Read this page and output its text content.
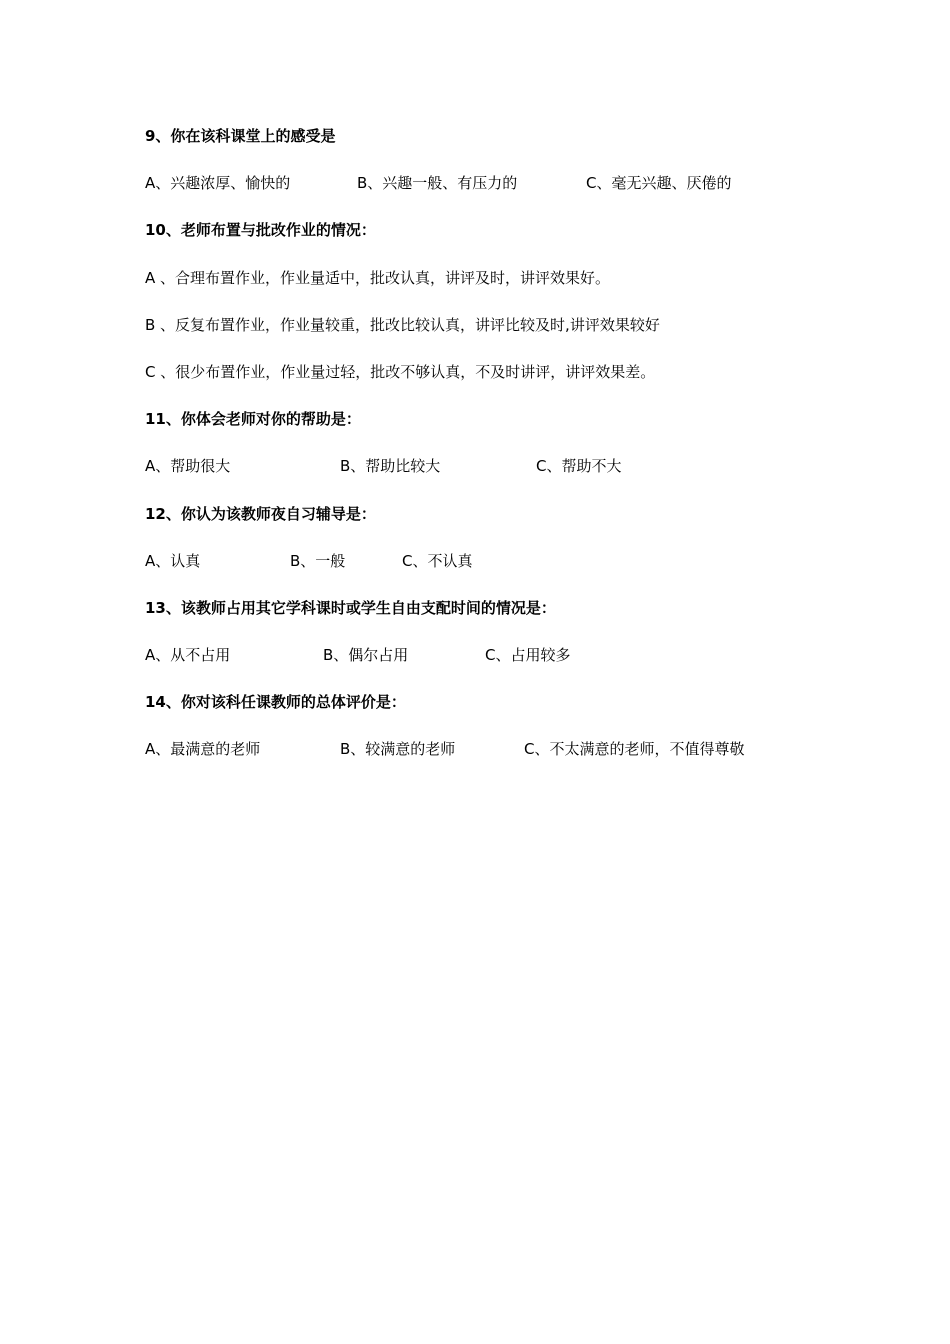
9、你在该科课堂上的感受是
A、兴趣浓厚、愉快的	B、兴趣一般、有压力的	C、毫无兴趣、厌倦的
10、老师布置与批改作业的情况：
A 、合理布置作业，作业量适中，批改认真，讲评及时，讲评效果好。
B 、反复布置作业，作业量较重，批改比较认真，讲评比较及时,讲评效果较好
C 、很少布置作业，作业量过轻，批改不够认真，不及时讲评，讲评效果差。
11、你体会老师对你的帮助是：
A、帮助很大	B、帮助比较大	C、帮助不大
12、你认为该教师夜自习辅导是：
A、认真	B、一般	C、不认真
13、该教师占用其它学科课时或学生自由支配时间的情况是：
A、从不占用	B、偶尔占用	C、占用较多
14、你对该科任课教师的总体评价是：
A、最满意的老师	B、较满意的老师	C、不太满意的老师，不值得尊敬
